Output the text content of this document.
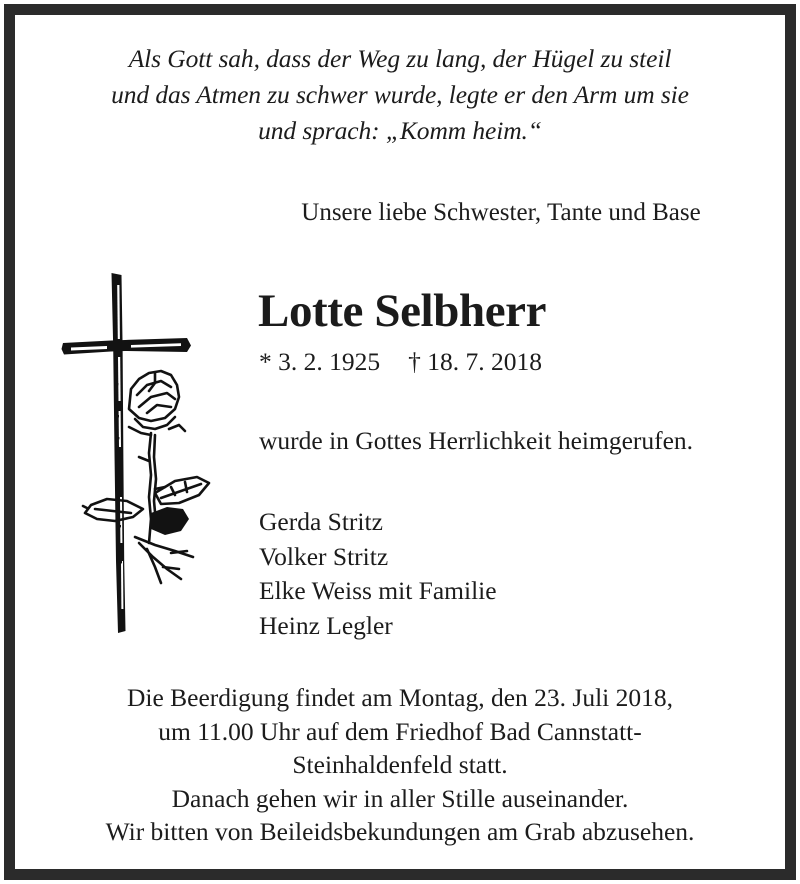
Als Gott sah, dass der Weg zu lang, der Hügel zu steil
und das Atmen zu schwer wurde, legte er den Arm um sie
und sprach: „Komm heim.“
Unsere liebe Schwester, Tante und Base
Lotte Selbherr
* 3. 2. 1925 † 18. 7. 2018
wurde in Gottes Herrlichkeit heimgerufen.
Gerda Stritz
Volker Stritz
Elke Weiss mit Familie
Heinz Legler
Die Beerdigung findet am Montag, den 23. Juli 2018,
um 11.00 Uhr auf dem Friedhof Bad Cannstatt-
Steinhaldenfeld statt.
Danach gehen wir in aller Stille auseinander.
Wir bitten von Beileidsbekundungen am Grab abzusehen.
